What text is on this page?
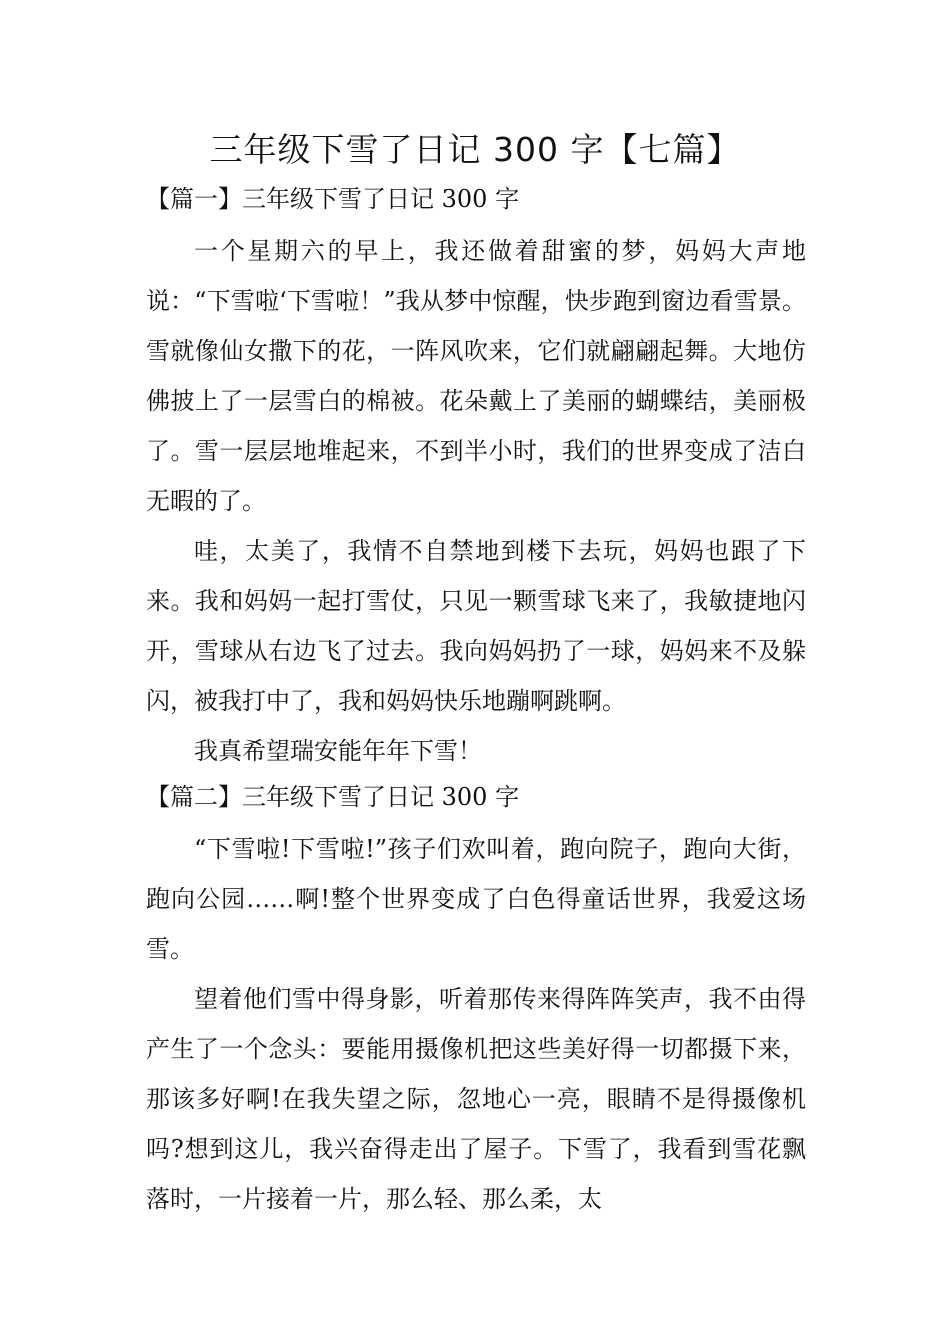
三年级下雪了日记 300 字【七篇】
【篇一】三年级下雪了日记 300 字

一个星期六的早上，我还做着甜蜜的梦，妈妈大声地说：“下雪啦‘下雪啦！”我从梦中惊醒，快步跑到窗边看雪景。雪就像仙女撒下的花，一阵风吹来，它们就翩翩起舞。大地仿佛披上了一层雪白的棉被。花朵戴上了美丽的蝴蝶结，美丽极了。雪一层层地堆起来，不到半小时，我们的世界变成了洁白无暇的了。

哇，太美了，我情不自禁地到楼下去玩，妈妈也跟了下来。我和妈妈一起打雪仗，只见一颗雪球飞来了，我敏捷地闪开，雪球从右边飞了过去。我向妈妈扔了一球，妈妈来不及躲闪，被我打中了，我和妈妈快乐地蹦啊跳啊。

我真希望瑞安能年年下雪！

【篇二】三年级下雪了日记 300 字

“下雪啦!下雪啦!”孩子们欢叫着，跑向院子，跑向大街，跑向公园……啊!整个世界变成了白色得童话世界，我爱这场雪。

望着他们雪中得身影，听着那传来得阵阵笑声，我不由得产生了一个念头：要能用摄像机把这些美好得一切都摄下来，那该多好啊!在我失望之际，忽地心一亮，眼睛不是得摄像机吗?想到这儿，我兴奋得走出了屋子。下雪了，我看到雪花飘落时，一片接着一片，那么轻、那么柔，太
